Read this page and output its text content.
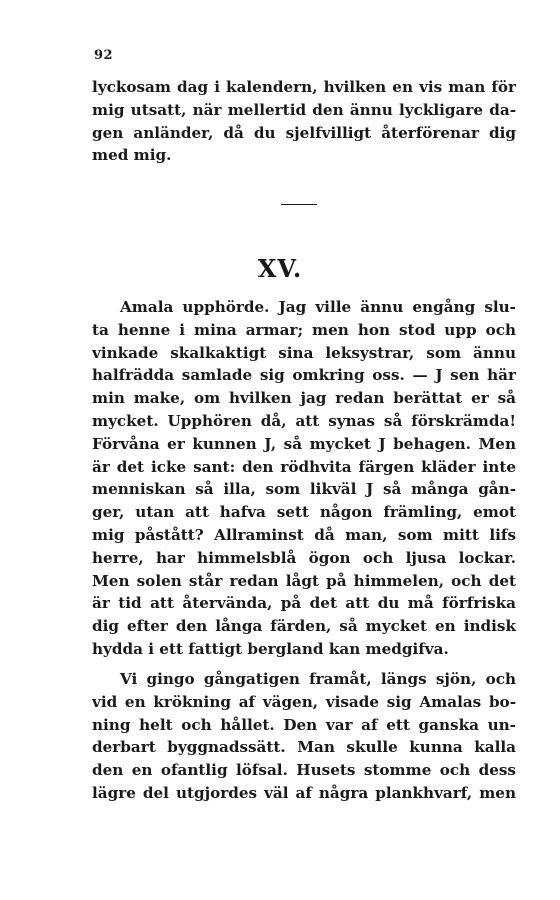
92
lyckosam dag i kalendern, hvilken en vis man för
mig utsatt, när mellertid den ännu lyckligare da-
gen anländer, då du sjelfvilligt återförenar dig
med mig.
XV.
Amala upphörde. Jag ville ännu engång slu-
ta henne i mina armar; men hon stod upp och
vinkade skalkaktigt sina leksystrar, som ännu
halfrädda samlade sig omkring oss. — J sen här
min make, om hvilken jag redan berättat er så
mycket. Upphören då, att synas så förskrämda!
Förvåna er kunnen J, så mycket J behagen. Men
är det icke sant: den rödhvita färgen kläder inte
menniskan så illa, som likväl J så många gån-
ger, utan att hafva sett någon främling, emot
mig påstått? Allraminst då man, som mitt lifs
herre, har himmelsblå ögon och ljusa lockar.
Men solen står redan lågt på himmelen, och det
är tid att återvända, på det att du må förfriska
dig efter den långa färden, så mycket en indisk
hydda i ett fattigt bergland kan medgifva.
Vi gingo gångatigen framåt, längs sjön, och
vid en krökning af vägen, visade sig Amalas bo-
ning helt och hållet. Den var af ett ganska un-
derbart byggnadssätt. Man skulle kunna kalla
den en ofantlig löfsal. Husets stomme och dess
lägre del utgjordes väl af några plankhvarf, men
